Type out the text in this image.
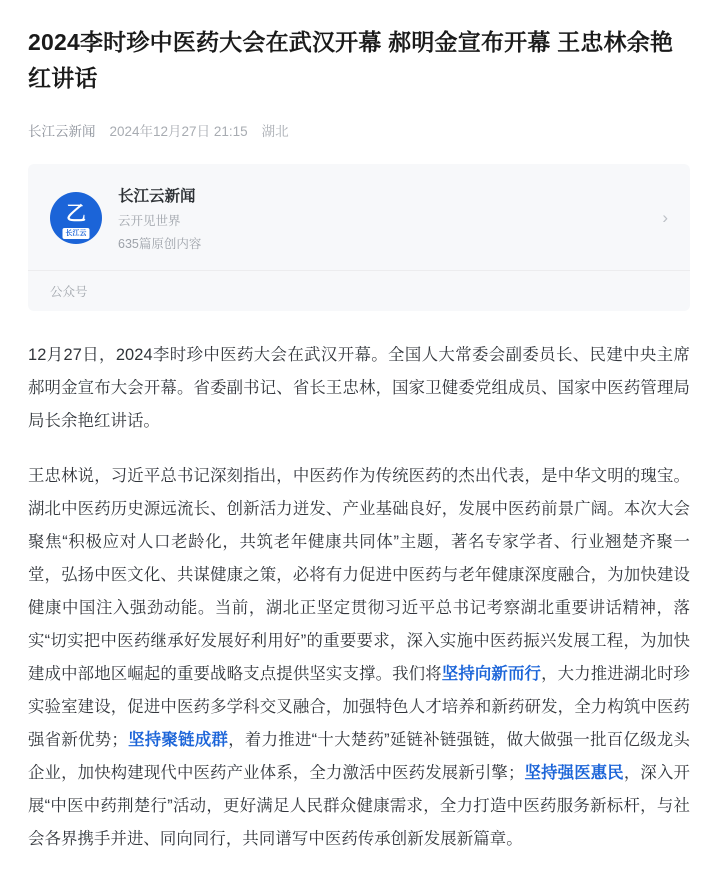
2024李时珍中医药大会在武汉开幕 郝明金宣布开幕 王忠林余艳红讲话
长江云新闻 2024年12月27日 21:15 湖北
乙
长江云
长江云新闻
云开见世界
635篇原创内容
›
公众号

12月27日，2024李时珍中医药大会在武汉开幕。全国人大常委会副委员长、民建中央主席郝明金宣布大会开幕。省委副书记、省长王忠林，国家卫健委党组成员、国家中医药管理局局长余艳红讲话。

王忠林说，习近平总书记深刻指出，中医药作为传统医药的杰出代表，是中华文明的瑰宝。湖北中医药历史源远流长、创新活力迸发、产业基础良好，发展中医药前景广阔。本次大会聚焦“积极应对人口老龄化，共筑老年健康共同体”主题，著名专家学者、行业翘楚齐聚一堂，弘扬中医文化、共谋健康之策，必将有力促进中医药与老年健康深度融合，为加快建设健康中国注入强劲动能。当前，湖北正坚定贯彻习近平总书记考察湖北重要讲话精神，落实“切实把中医药继承好发展好利用好”的重要要求，深入实施中医药振兴发展工程，为加快建成中部地区崛起的重要战略支点提供坚实支撑。我们将坚持向新而行，大力推进湖北时珍实验室建设，促进中医药多学科交叉融合，加强特色人才培养和新药研发，全力构筑中医药强省新优势；坚持聚链成群，着力推进“十大楚药”延链补链强链，做大做强一批百亿级龙头企业，加快构建现代中医药产业体系，全力激活中医药发展新引擎；坚持强医惠民，深入开展“中医中药荆楚行”活动，更好满足人民群众健康需求，全力打造中医药服务新标杆，与社会各界携手并进、同向同行，共同谱写中医药传承创新发展新篇章。
